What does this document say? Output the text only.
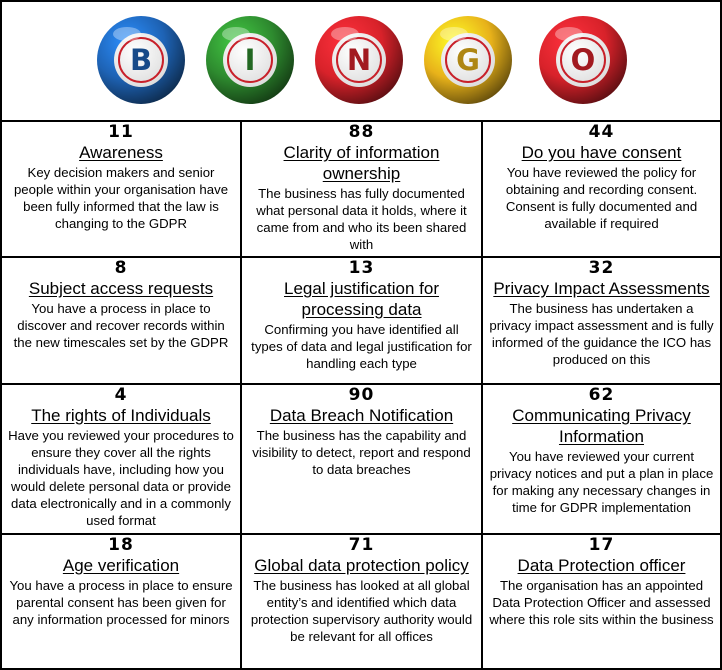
B	I	N	G	O
11
Awareness
Key decision makers and senior people within your organisation have been fully informed that the law is changing to the GDPR
88
Clarity of information ownership
The business has fully documented what personal data it holds, where it came from and who its been shared with
44
Do you have consent
You have reviewed the policy for obtaining and recording consent. Consent is fully documented and available if required
8
Subject access requests
You have a process in place to discover and recover records within the new timescales set by the GDPR
13
Legal justification for processing data
Confirming you have identified all types of data and legal justification for handling each type
32
Privacy Impact Assessments
The business has undertaken a privacy impact assessment and is fully informed of the guidance the ICO has produced on this
4
The rights of Individuals
Have you reviewed your procedures to ensure they cover all the rights individuals have, including how you would delete personal data or provide data electronically and in a commonly used format
90
Data Breach Notification
The business has the capability and visibility to detect, report and respond to data breaches
62
Communicating Privacy Information
You have reviewed your current privacy notices and put a plan in place for making any necessary changes in time for GDPR implementation
18
Age verification
You have a process in place to ensure parental consent has been given for any information processed for minors
71
Global data protection policy
The business has looked at all global entity’s and identified which data protection supervisory authority would be relevant for all offices
17
Data Protection officer
The organisation has an appointed Data Protection Officer and assessed where this role sits within the business
